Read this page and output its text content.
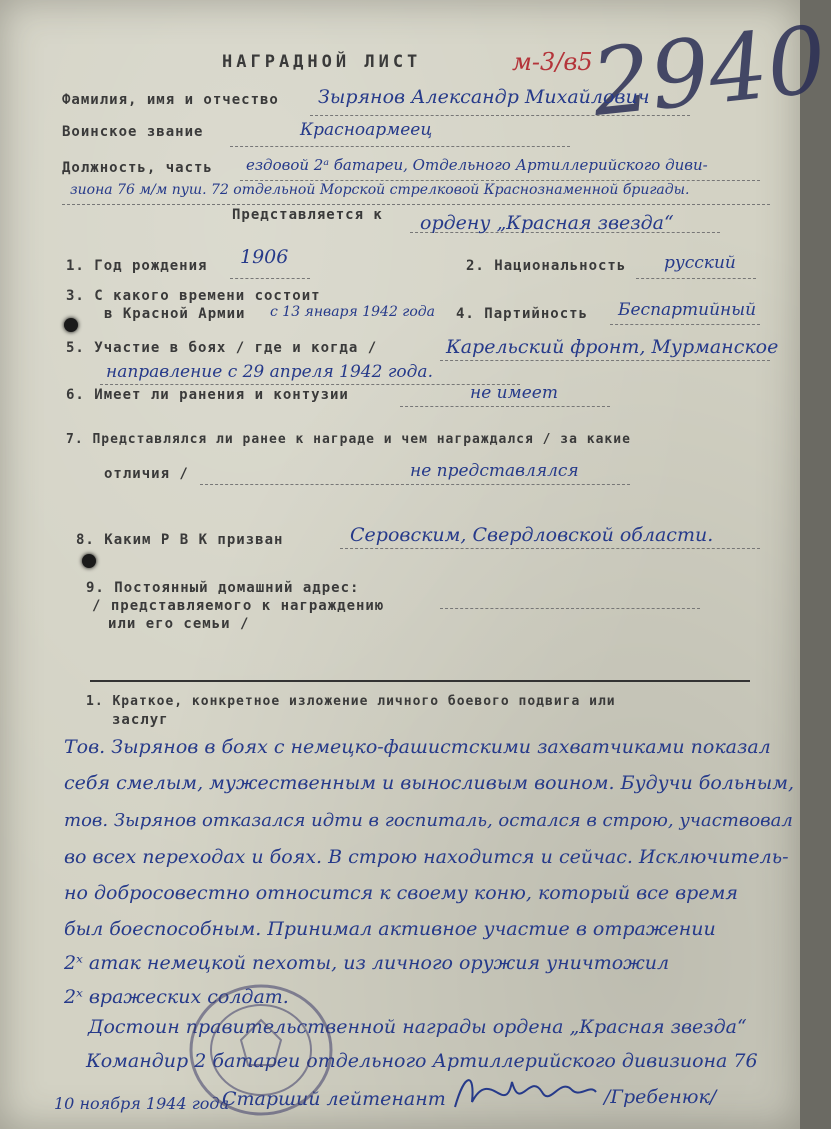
НАГРАДНОЙ ЛИСТ	м-3/в5
2940
Фамилия, имя и отчество Зырянов Александр Михайлович
Воинское звание	Красноармеец
Должность, часть ездовой 2ᵃ батареи, Отдельного Артиллерийского диви-
зиона 76 м/м пуш. 72 отдельной Морской стрелковой Краснознаменной бригады.
Представляется к ордену „Красная звезда“
1. Год рождения 1906	2. Национальность русский
3. С какого времени состоит
в Красной Армии с 13 января 1942 года 4. Партийность Беспартийный
5. Участие в боях / где и когда /	Карельский фронт, Мурманское
направление с 29 апреля 1942 года.
6. Имеет ли ранения и контузии	не имеет
7. Представлялся ли ранее к награде и чем награждался / за какие
отличия /	не представлялся
8. Каким Р В К призван	Серовским, Свердловской области.
9. Постоянный домашний адрес:
/ представляемого к награждению
или его семьи /
1. Краткое, конкретное изложение личного боевого подвига или
заслуг
Тов. Зырянов в боях с немецко-фашистскими захватчиками показал
себя смелым, мужественным и выносливым воином. Будучи больным,
тов. Зырянов отказался идти в госпиталь, остался в строю, участвовал
во всех переходах и боях. В строю находится и сейчас. Исключитель-
но добросовестно относится к своему коню, который все время
был боеспособным. Принимал активное участие в отражении
2ˣ атак немецкой пехоты, из личного оружия уничтожил
2ˣ вражеских солдат.
Достоин правительственной награды ордена „Красная звезда“
Командир 2 батареи отдельного Артиллерийского дивизиона 76
10 ноября 1944 года
Старший лейтенант	/Гребенюк/
